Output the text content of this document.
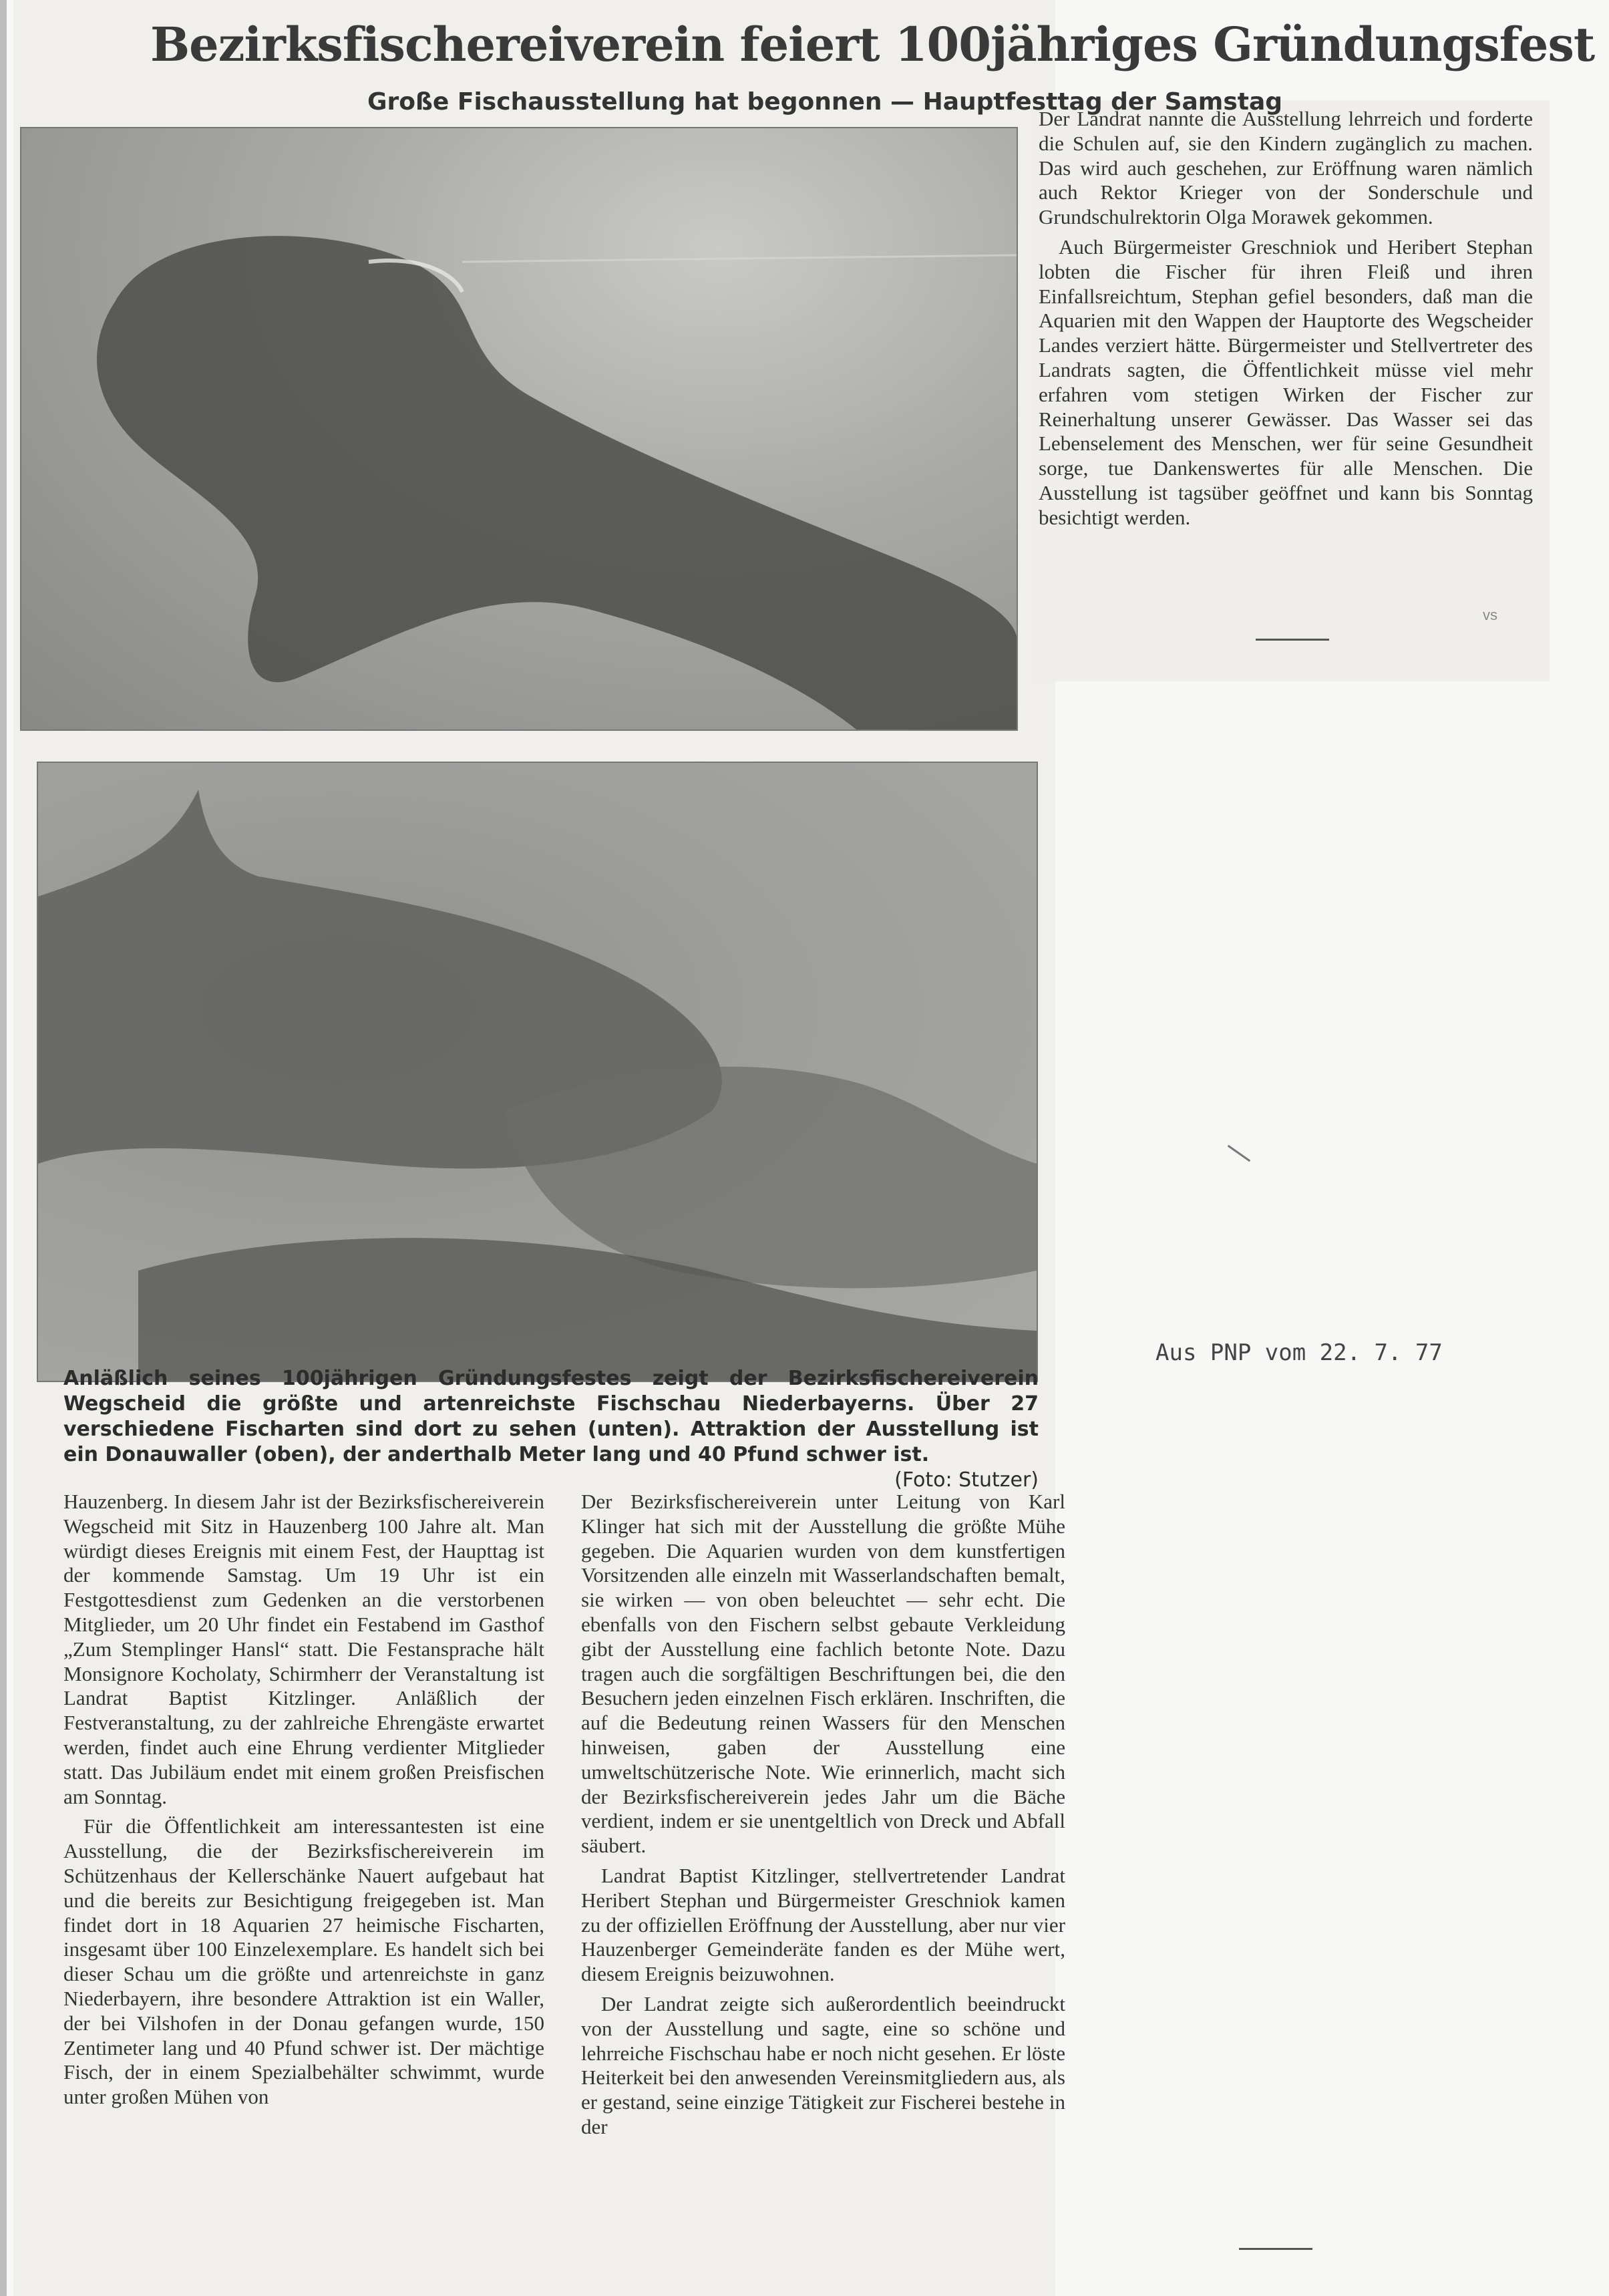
Bezirksfischereiverein feiert 100jähriges Gründungsfest
Große Fischausstellung hat begonnen — Hauptfesttag der Samstag

Anläßlich seines 100jährigen Gründungsfestes zeigt der Bezirksfischereiverein Wegscheid die größte und artenreichste Fischschau Niederbayerns. Über 27 verschiedene Fischarten sind dort zu sehen (unten). Attraktion der Ausstellung ist ein Donauwaller (oben), der anderthalb Meter lang und 40 Pfund schwer ist.
(Foto: Stutzer)

Der Landrat nannte die Ausstellung lehrreich und forderte die Schulen auf, sie den Kindern zugänglich zu machen. Das wird auch geschehen, zur Eröffnung waren nämlich auch Rektor Krieger von der Sonderschule und Grundschulrektorin Olga Morawek gekommen.

Auch Bürgermeister Greschniok und Heribert Stephan lobten die Fischer für ihren Fleiß und ihren Einfallsreichtum, Stephan gefiel besonders, daß man die Aquarien mit den Wappen der Hauptorte des Wegscheider Landes verziert hätte. Bürgermeister und Stellvertreter des Landrats sagten, die Öffentlichkeit müsse viel mehr erfahren vom stetigen Wirken der Fischer zur Reinerhaltung unserer Gewässer. Das Wasser sei das Lebenselement des Menschen, wer für seine Gesundheit sorge, tue Dankenswertes für alle Menschen. Die Ausstellung ist tagsüber geöffnet und kann bis Sonntag besichtigt werden.

vs

Hauzenberg. In diesem Jahr ist der Bezirksfischereiverein Wegscheid mit Sitz in Hauzenberg 100 Jahre alt. Man würdigt dieses Ereignis mit einem Fest, der Haupttag ist der kommende Samstag. Um 19 Uhr ist ein Festgottesdienst zum Gedenken an die verstorbenen Mitglieder, um 20 Uhr findet ein Festabend im Gasthof „Zum Stemplinger Hansl“ statt. Die Festansprache hält Monsignore Kocholaty, Schirmherr der Veranstaltung ist Landrat Baptist Kitzlinger. Anläßlich der Festveranstaltung, zu der zahlreiche Ehrengäste erwartet werden, findet auch eine Ehrung verdienter Mitglieder statt. Das Jubiläum endet mit einem großen Preisfischen am Sonntag.

Für die Öffentlichkeit am interessantesten ist eine Ausstellung, die der Bezirksfischereiverein im Schützenhaus der Kellerschänke Nauert aufgebaut hat und die bereits zur Besichtigung freigegeben ist. Man findet dort in 18 Aquarien 27 heimische Fischarten, insgesamt über 100 Einzelexemplare. Es handelt sich bei dieser Schau um die größte und artenreichste in ganz Niederbayern, ihre besondere Attraktion ist ein Waller, der bei Vilshofen in der Donau gefangen wurde, 150 Zentimeter lang und 40 Pfund schwer ist. Der mächtige Fisch, der in einem Spezialbehälter schwimmt, wurde unter großen Mühen von

Der Bezirksfischereiverein unter Leitung von Karl Klinger hat sich mit der Ausstellung die größte Mühe gegeben. Die Aquarien wurden von dem kunstfertigen Vorsitzenden alle einzeln mit Wasserlandschaften bemalt, sie wirken — von oben beleuchtet — sehr echt. Die ebenfalls von den Fischern selbst gebaute Verkleidung gibt der Ausstellung eine fachlich betonte Note. Dazu tragen auch die sorgfältigen Beschriftungen bei, die den Besuchern jeden einzelnen Fisch erklären. Inschriften, die auf die Bedeutung reinen Wassers für den Menschen hinweisen, gaben der Ausstellung eine umweltschützerische Note. Wie erinnerlich, macht sich der Bezirksfischereiverein jedes Jahr um die Bäche verdient, indem er sie unentgeltlich von Dreck und Abfall säubert.

Landrat Baptist Kitzlinger, stellvertretender Landrat Heribert Stephan und Bürgermeister Greschniok kamen zu der offiziellen Eröffnung der Ausstellung, aber nur vier Hauzenberger Gemeinderäte fanden es der Mühe wert, diesem Ereignis beizuwohnen.

Der Landrat zeigte sich außerordentlich beeindruckt von der Ausstellung und sagte, eine so schöne und lehrreiche Fischschau habe er noch nicht gesehen. Er löste Heiterkeit bei den anwesenden Vereinsmitgliedern aus, als er gestand, seine einzige Tätigkeit zur Fischerei bestehe in der

Aus PNP vom 22. 7. 77
